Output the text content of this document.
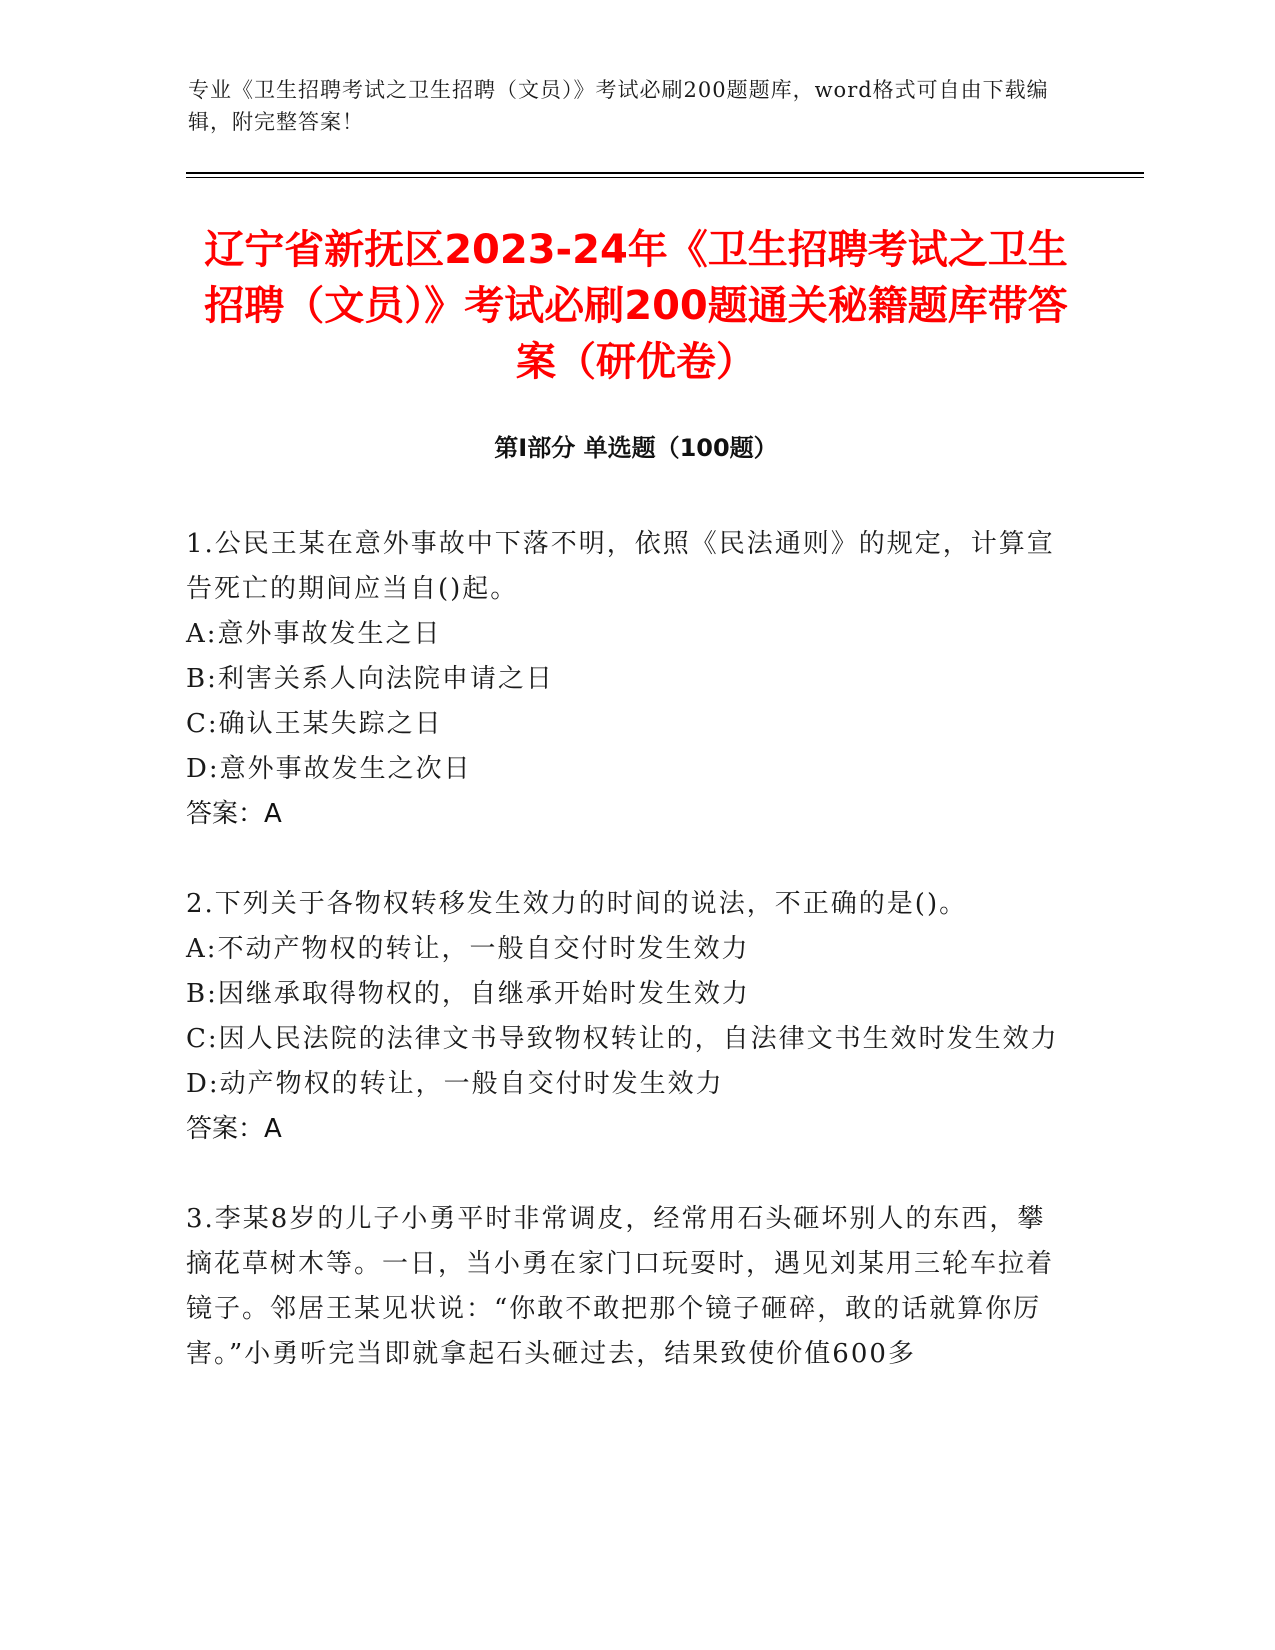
专业《卫生招聘考试之卫生招聘（文员）》考试必刷200题题库，word格式可自由下载编辑，附完整答案！
辽宁省新抚区2023-24年《卫生招聘考试之卫生招聘（文员）》考试必刷200题通关秘籍题库带答案（研优卷）
第I部分 单选题（100题）

1.公民王某在意外事故中下落不明，依照《民法通则》的规定，计算宣告死亡的期间应当自()起。

A:意外事故发生之日

B:利害关系人向法院申请之日

C:确认王某失踪之日

D:意外事故发生之次日

答案：A

2.下列关于各物权转移发生效力的时间的说法，不正确的是()。

A:不动产物权的转让，一般自交付时发生效力

B:因继承取得物权的，自继承开始时发生效力

C:因人民法院的法律文书导致物权转让的，自法律文书生效时发生效力

D:动产物权的转让，一般自交付时发生效力

答案：A

3.李某8岁的儿子小勇平时非常调皮，经常用石头砸坏别人的东西，攀摘花草树木等。一日，当小勇在家门口玩耍时，遇见刘某用三轮车拉着镜子。邻居王某见状说：“你敢不敢把那个镜子砸碎，敢的话就算你厉害。”小勇听完当即就拿起石头砸过去，结果致使价值600多
